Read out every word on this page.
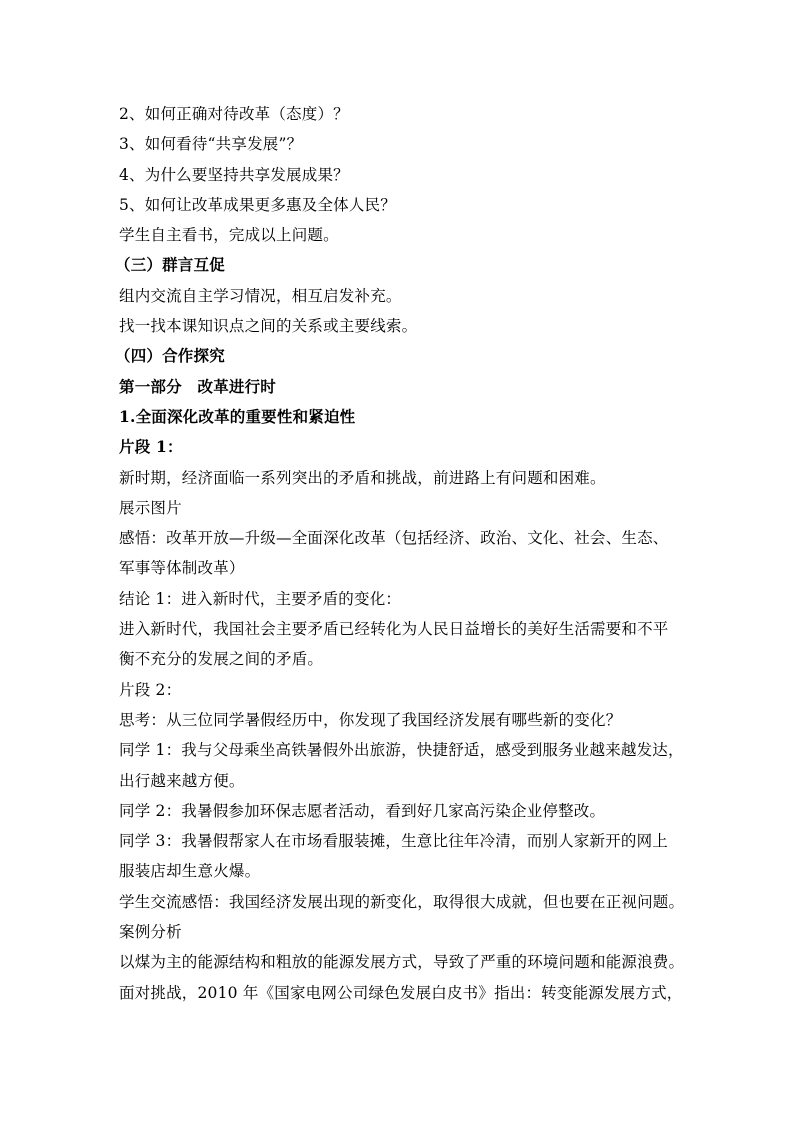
2、如何正确对待改革（态度）？
3、如何看待“共享发展”？
4、为什么要坚持共享发展成果？
5、如何让改革成果更多惠及全体人民？
学生自主看书，完成以上问题。
（三）群言互促
组内交流自主学习情况，相互启发补充。
找一找本课知识点之间的关系或主要线索。
（四）合作探究
第一部分　改革进行时
1.全面深化改革的重要性和紧迫性
片段 1：
新时期，经济面临一系列突出的矛盾和挑战，前进路上有问题和困难。
展示图片
感悟：改革开放—升级—全面深化改革（包括经济、政治、文化、社会、生态、
军事等体制改革）
结论 1：进入新时代，主要矛盾的变化：
进入新时代，我国社会主要矛盾已经转化为人民日益增长的美好生活需要和不平
衡不充分的发展之间的矛盾。
片段 2：
思考：从三位同学暑假经历中，你发现了我国经济发展有哪些新的变化？
同学 1：我与父母乘坐高铁暑假外出旅游，快捷舒适，感受到服务业越来越发达，
出行越来越方便。
同学 2：我暑假参加环保志愿者活动，看到好几家高污染企业停整改。
同学 3：我暑假帮家人在市场看服装摊，生意比往年冷清，而别人家新开的网上
服装店却生意火爆。
学生交流感悟：我国经济发展出现的新变化，取得很大成就，但也要在正视问题。
案例分析
以煤为主的能源结构和粗放的能源发展方式，导致了严重的环境问题和能源浪费。
面对挑战，2010 年《国家电网公司绿色发展白皮书》指出：转变能源发展方式，
